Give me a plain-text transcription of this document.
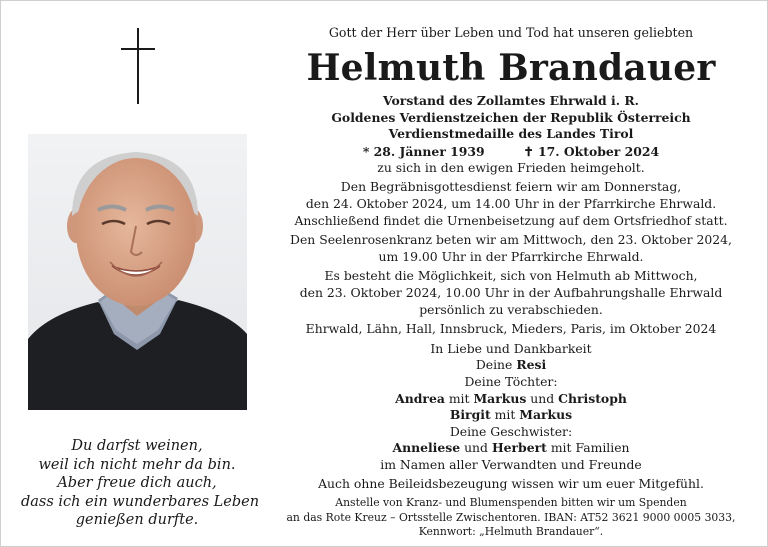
Du darfst weinen,
weil ich nicht mehr da bin.
Aber freue dich auch,
dass ich ein wunderbares Leben
genießen durfte.
Gott der Herr über Leben und Tod hat unseren geliebten
Helmuth Brandauer
Vorstand des Zollamtes Ehrwald i. R.
Goldenes Verdienstzeichen der Republik Österreich
Verdienstmedaille des Landes Tirol
* 28. Jänner 1939	✝ 17. Oktober 2024
zu sich in den ewigen Frieden heimgeholt.
Den Begräbnisgottesdienst feiern wir am Donnerstag,
den 24. Oktober 2024, um 14.00 Uhr in der Pfarrkirche Ehrwald.
Anschließend findet die Urnenbeisetzung auf dem Ortsfriedhof statt.
Den Seelenrosenkranz beten wir am Mittwoch, den 23. Oktober 2024,
um 19.00 Uhr in der Pfarrkirche Ehrwald.
Es besteht die Möglichkeit, sich von Helmuth ab Mittwoch,
den 23. Oktober 2024, 10.00 Uhr in der Aufbahrungshalle Ehrwald
persönlich zu verabschieden.
Ehrwald, Lähn, Hall, Innsbruck, Mieders, Paris, im Oktober 2024
In Liebe und Dankbarkeit
Deine Resi
Deine Töchter:
Andrea mit Markus und Christoph
Birgit mit Markus
Deine Geschwister:
Anneliese und Herbert mit Familien
im Namen aller Verwandten und Freunde
Auch ohne Beileidsbezeugung wissen wir um euer Mitgefühl.
Anstelle von Kranz- und Blumenspenden bitten wir um Spenden
an das Rote Kreuz – Ortsstelle Zwischentoren. IBAN: AT52 3621 9000 0005 3033,
Kennwort: „Helmuth Brandauer“.
